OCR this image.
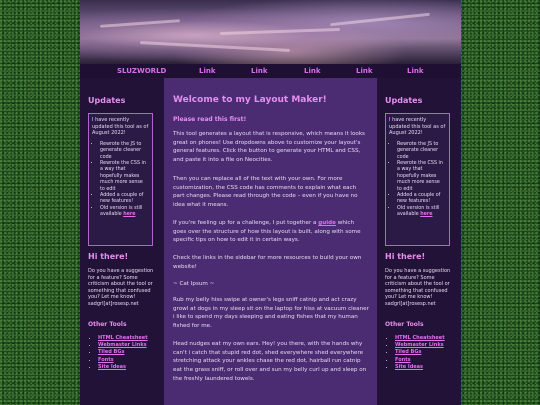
SLUZWORLD	Link	Link	Link	Link	Link
Updates

I have recently updated this tool as of August 2022!

• Rewrote the JS to generate cleaner code
• Rewrote the CSS in a way that hopefully makes much more sense to edit
• Added a couple of new features!
• Old version is still available here
Hi there!

Do you have a suggestion for a feature? Some criticism about the tool or something that confused you? Let me know! sadgrl[at]rosesp.net

Other Tools
• HTML Cheatsheet
• Webmaster Links
• Tiled BGs
• Fonts
• Site Ideas
Welcome to my Layout Maker!
Please read this first!

This tool generates a layout that is responsive, which means it looks great on phones! Use dropdowns above to customize your layout's general features. Click the button to generate your HTML and CSS, and paste it into a file on Neocities.

Then you can replace all of the text with your own. For more customization, the CSS code has comments to explain what each part changes. Please read through the code – even if you have no idea what it means.

If you're feeling up for a challenge, I put together a guide which goes over the structure of how this layout is built, along with some specific tips on how to edit it in certain ways.

Check the links in the sidebar for more resources to build your own website!

~ Cat Ipsum ~

Rub my belly hiss swipe at owner's legs sniff catnip and act crazy growl at dogs in my sleep sit on the laptop for hiss at vacuum cleaner i like to spend my days sleeping and eating fishes that my human fished for me.

Head nudges eat my own ears. Hey! you there, with the hands why can't i catch that stupid red dot, shed everywhere shed everywhere stretching attack your ankles chase the red dot, hairball run catnip eat the grass sniff, or roll over and sun my belly curl up and sleep on the freshly laundered towels.

Updates

I have recently updated this tool as of August 2022!

• Rewrote the JS to generate cleaner code
• Rewrote the CSS in a way that hopefully makes much more sense to edit
• Added a couple of new features!
• Old version is still available here
Hi there!

Do you have a suggestion for a feature? Some criticism about the tool or something that confused you? Let me know! sadgrl[at]rosesp.net

Other Tools
• HTML Cheatsheet
• Webmaster Links
• Tiled BGs
• Fonts
• Site Ideas
